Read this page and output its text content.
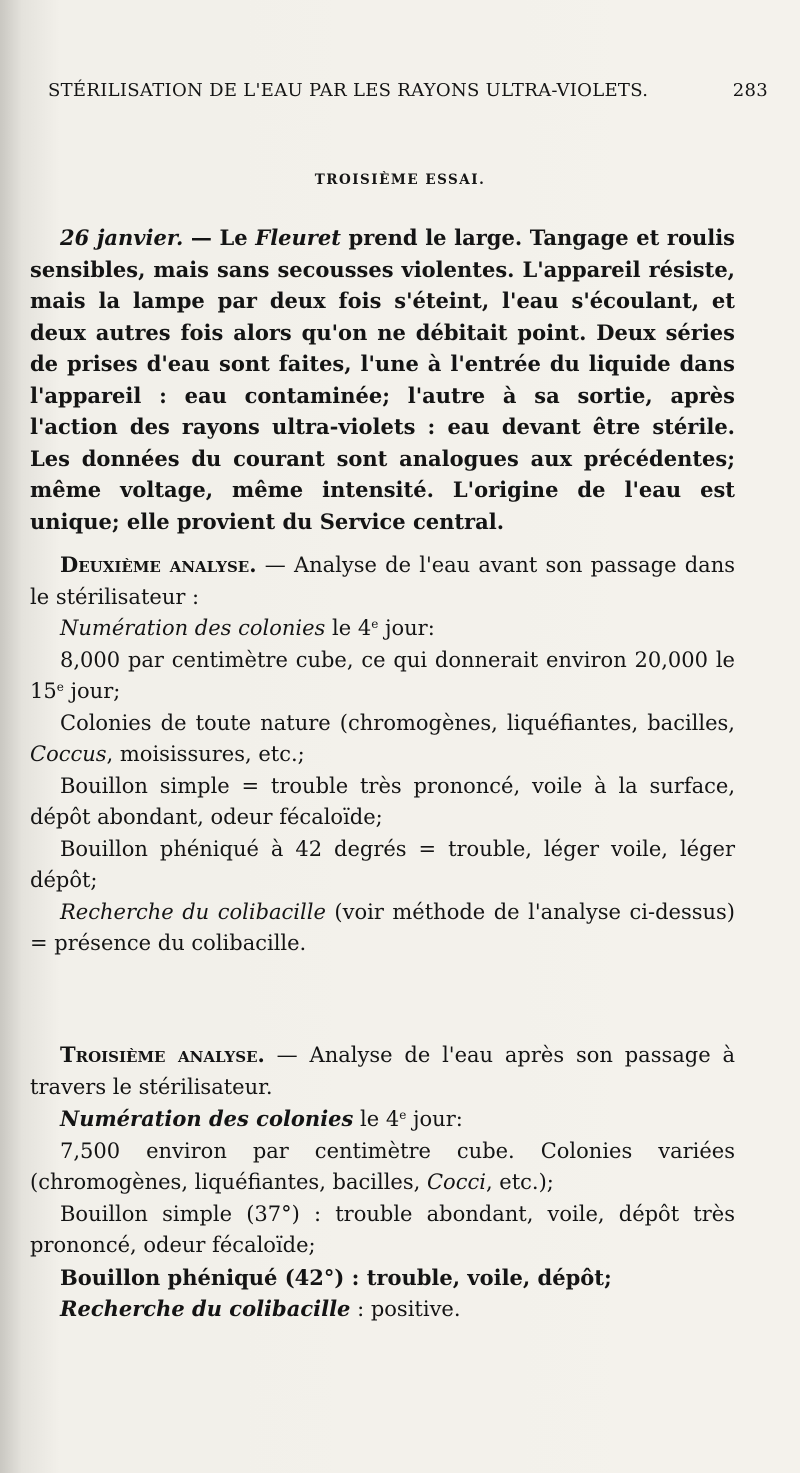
STÉRILISATION DE L'EAU PAR LES RAYONS ULTRA-VIOLETS.	283
TROISIÈME ESSAI.

26 janvier. — Le Fleuret prend le large. Tangage et roulis sensibles, mais sans secousses violentes. L'appareil résiste, mais la lampe par deux fois s'éteint, l'eau s'écoulant, et deux autres fois alors qu'on ne débitait point. Deux séries de prises d'eau sont faites, l'une à l'entrée du liquide dans l'appareil : eau contaminée; l'autre à sa sortie, après l'action des rayons ultra-violets : eau devant être stérile. Les données du courant sont analogues aux précédentes; même voltage, même intensité. L'origine de l'eau est unique; elle provient du Service central.

Deuxième analyse. — Analyse de l'eau avant son passage dans le stérilisateur :

Numération des colonies le 4e jour:

8,000 par centimètre cube, ce qui donnerait environ 20,000 le 15e jour;

Colonies de toute nature (chromogènes, liquéfiantes, bacilles, Coccus, moisissures, etc.;

Bouillon simple = trouble très prononcé, voile à la surface, dépôt abondant, odeur fécaloïde;

Bouillon phéniqué à 42 degrés = trouble, léger voile, léger dépôt;

Recherche du colibacille (voir méthode de l'analyse ci-dessus) = présence du colibacille.

Troisième analyse. — Analyse de l'eau après son passage à travers le stérilisateur.

Numération des colonies le 4e jour:

7,500 environ par centimètre cube. Colonies variées (chromogènes, liquéfiantes, bacilles, Cocci, etc.);

Bouillon simple (37°) : trouble abondant, voile, dépôt très prononcé, odeur fécaloïde;

Bouillon phéniqué (42°) : trouble, voile, dépôt;

Recherche du colibacille : positive.
